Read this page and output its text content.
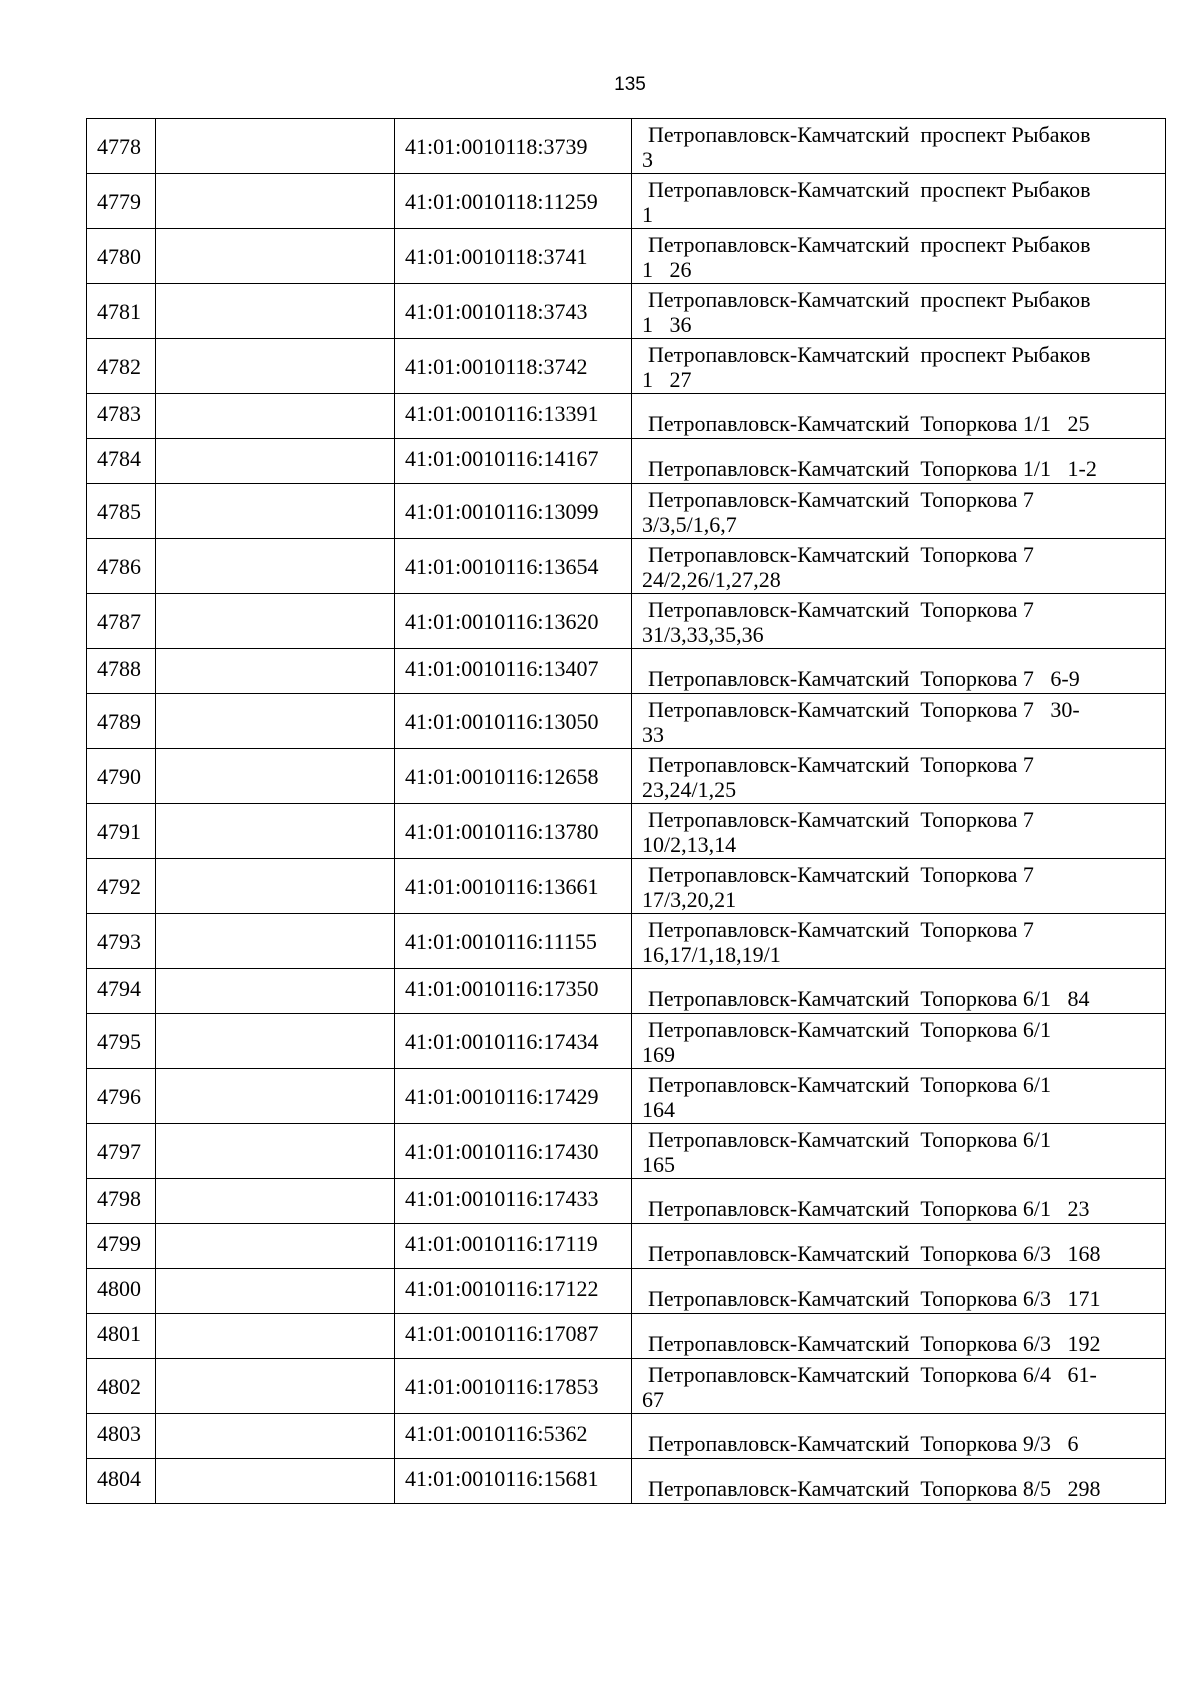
135
4778		41:01:0010118:3739	Петропавловск-Камчатский  проспект Рыбаков
3

4779		41:01:0010118:11259	Петропавловск-Камчатский  проспект Рыбаков
1

4780		41:01:0010118:3741	Петропавловск-Камчатский  проспект Рыбаков
1   26

4781		41:01:0010118:3743	Петропавловск-Камчатский  проспект Рыбаков
1   36

4782		41:01:0010118:3742	Петропавловск-Камчатский  проспект Рыбаков
1   27

4783		41:01:0010116:13391	Петропавловск-Камчатский  Топоркова 1/1   25

4784		41:01:0010116:14167	Петропавловск-Камчатский  Топоркова 1/1   1-2

4785		41:01:0010116:13099	Петропавловск-Камчатский  Топоркова 7
3/3,5/1,6,7

4786		41:01:0010116:13654	Петропавловск-Камчатский  Топоркова 7
24/2,26/1,27,28

4787		41:01:0010116:13620	Петропавловск-Камчатский  Топоркова 7
31/3,33,35,36

4788		41:01:0010116:13407	Петропавловск-Камчатский  Топоркова 7   6-9

4789		41:01:0010116:13050	Петропавловск-Камчатский  Топоркова 7   30-
33

4790		41:01:0010116:12658	Петропавловск-Камчатский  Топоркова 7
23,24/1,25

4791		41:01:0010116:13780	Петропавловск-Камчатский  Топоркова 7
10/2,13,14

4792		41:01:0010116:13661	Петропавловск-Камчатский  Топоркова 7
17/3,20,21

4793		41:01:0010116:11155	Петропавловск-Камчатский  Топоркова 7
16,17/1,18,19/1

4794		41:01:0010116:17350	Петропавловск-Камчатский  Топоркова 6/1   84

4795		41:01:0010116:17434	Петропавловск-Камчатский  Топоркова 6/1
169

4796		41:01:0010116:17429	Петропавловск-Камчатский  Топоркова 6/1
164

4797		41:01:0010116:17430	Петропавловск-Камчатский  Топоркова 6/1
165

4798		41:01:0010116:17433	Петропавловск-Камчатский  Топоркова 6/1   23

4799		41:01:0010116:17119	Петропавловск-Камчатский  Топоркова 6/3   168

4800		41:01:0010116:17122	Петропавловск-Камчатский  Топоркова 6/3   171

4801		41:01:0010116:17087	Петропавловск-Камчатский  Топоркова 6/3   192

4802		41:01:0010116:17853	Петропавловск-Камчатский  Топоркова 6/4   61-
67

4803		41:01:0010116:5362	Петропавловск-Камчатский  Топоркова 9/3   6

4804		41:01:0010116:15681	Петропавловск-Камчатский  Топоркова 8/5   298
